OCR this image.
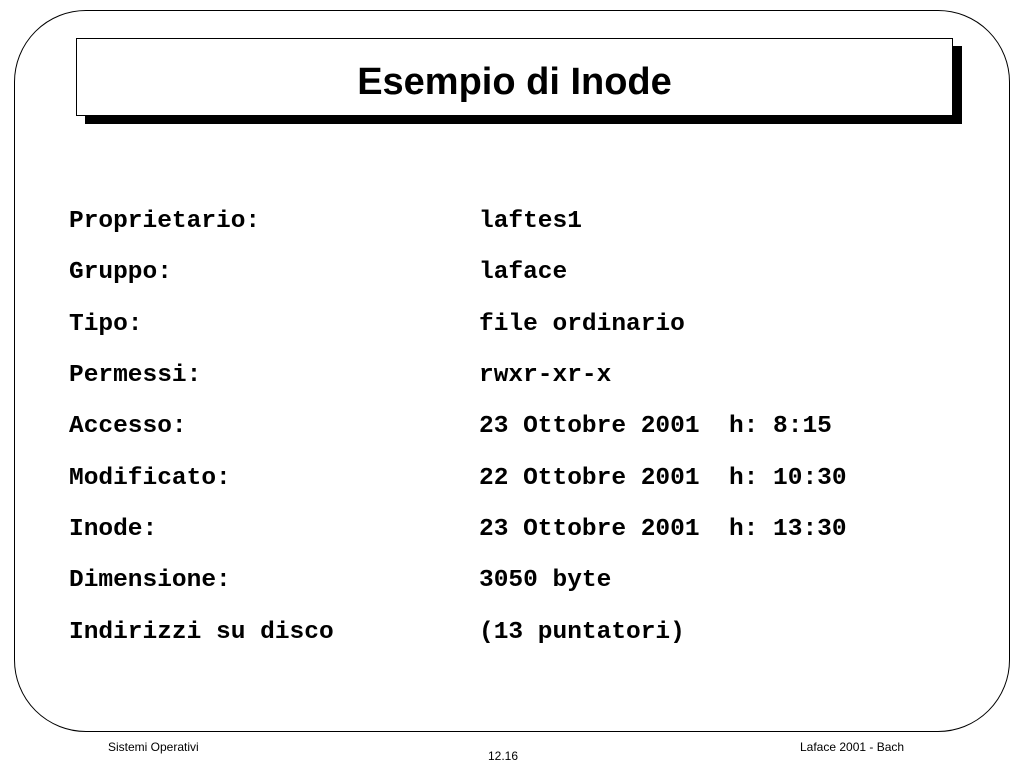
Esempio di Inode
Proprietario:	laftes1
Gruppo:	laface
Tipo:	file ordinario
Permessi:	rwxr-xr-x
Accesso:	23 Ottobre 2001  h: 8:15
Modificato:	22 Ottobre 2001  h: 10:30
Inode:	23 Ottobre 2001  h: 13:30
Dimensione:	3050 byte
Indirizzi su disco	(13 puntatori)
Sistemi Operativi
12.16
Laface 2001 - Bach
